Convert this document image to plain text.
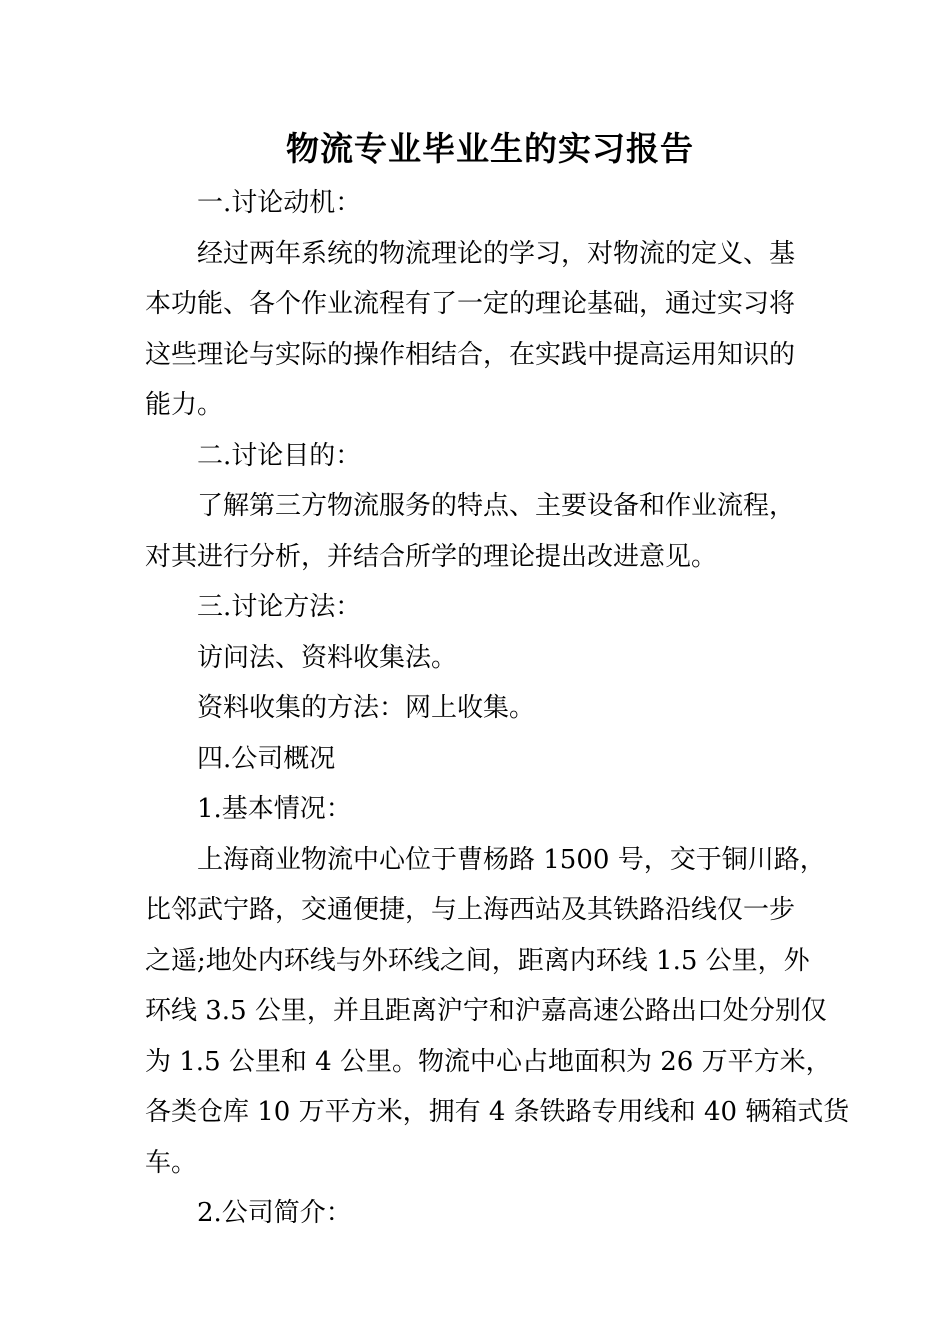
物流专业毕业生的实习报告
一.讨论动机：
经过两年系统的物流理论的学习，对物流的定义、基
本功能、各个作业流程有了一定的理论基础，通过实习将
这些理论与实际的操作相结合，在实践中提高运用知识的
能力。
二.讨论目的：
了解第三方物流服务的特点、主要设备和作业流程，
对其进行分析，并结合所学的理论提出改进意见。
三.讨论方法：
访问法、资料收集法。
资料收集的方法：网上收集。
四.公司概况
1.基本情况：
上海商业物流中心位于曹杨路 1500 号，交于铜川路，
比邻武宁路，交通便捷，与上海西站及其铁路沿线仅一步
之遥;地处内环线与外环线之间，距离内环线 1.5 公里，外
环线 3.5 公里，并且距离沪宁和沪嘉高速公路出口处分别仅
为 1.5 公里和 4 公里。物流中心占地面积为 26 万平方米，
各类仓库 10 万平方米，拥有 4 条铁路专用线和 40 辆箱式货
车。
2.公司简介：
